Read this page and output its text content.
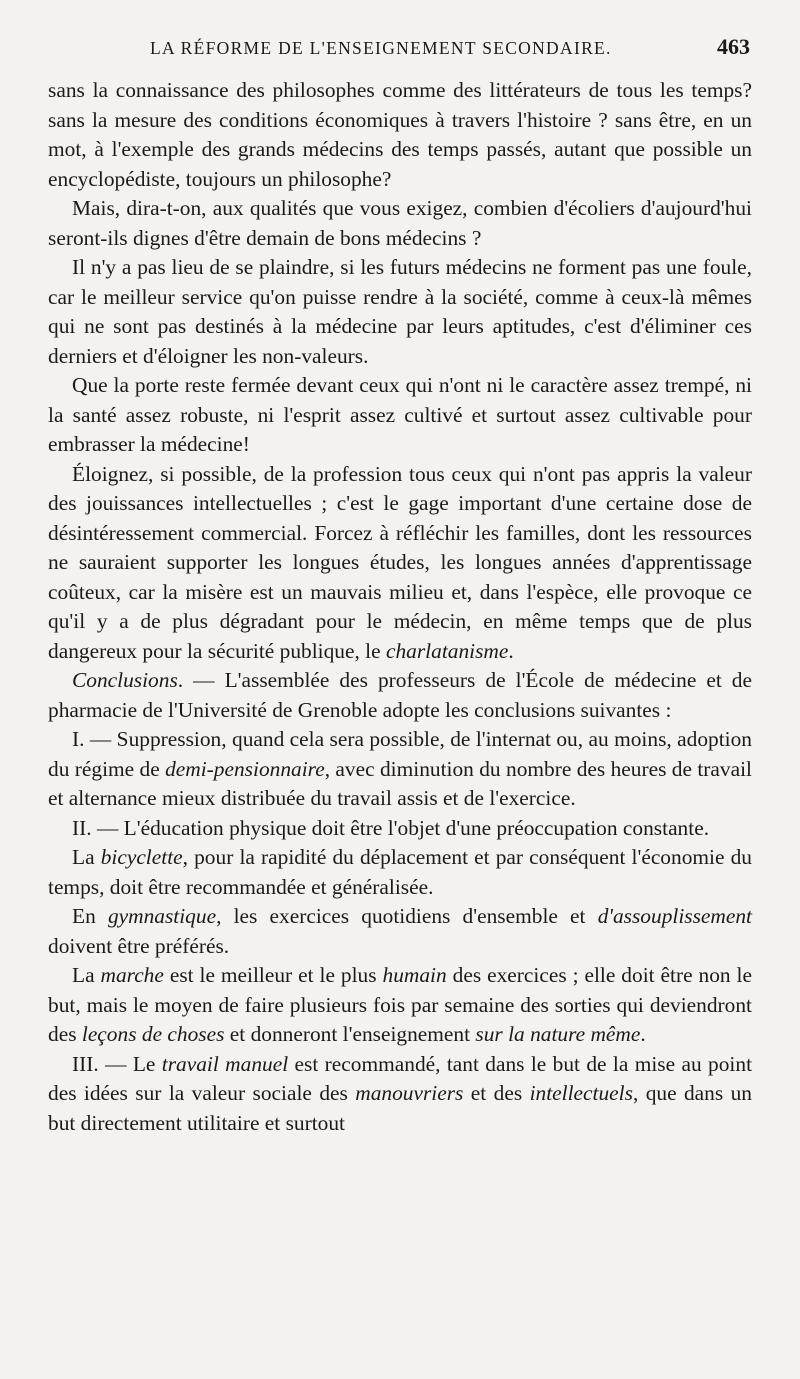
LA RÉFORME DE L'ENSEIGNEMENT SECONDAIRE.	463

sans la connaissance des philosophes comme des littérateurs de tous les temps? sans la mesure des conditions économiques à travers l'histoire ? sans être, en un mot, à l'exemple des grands médecins des temps passés, autant que possible un encyclopédiste, toujours un philosophe?

Mais, dira-t-on, aux qualités que vous exigez, combien d'écoliers d'aujourd'hui seront-ils dignes d'être demain de bons médecins ?

Il n'y a pas lieu de se plaindre, si les futurs médecins ne forment pas une foule, car le meilleur service qu'on puisse rendre à la société, comme à ceux-là mêmes qui ne sont pas destinés à la médecine par leurs aptitudes, c'est d'éliminer ces derniers et d'éloigner les non-valeurs.

Que la porte reste fermée devant ceux qui n'ont ni le caractère assez trempé, ni la santé assez robuste, ni l'esprit assez cultivé et surtout assez cultivable pour embrasser la médecine!

Éloignez, si possible, de la profession tous ceux qui n'ont pas appris la valeur des jouissances intellectuelles ; c'est le gage important d'une certaine dose de désintéressement commercial. Forcez à réfléchir les familles, dont les ressources ne sauraient supporter les longues études, les longues années d'apprentissage coûteux, car la misère est un mauvais milieu et, dans l'espèce, elle provoque ce qu'il y a de plus dégradant pour le médecin, en même temps que de plus dangereux pour la sécurité publique, le charlatanisme.

Conclusions. — L'assemblée des professeurs de l'École de médecine et de pharmacie de l'Université de Grenoble adopte les conclusions suivantes :

I. — Suppression, quand cela sera possible, de l'internat ou, au moins, adoption du régime de demi-pensionnaire, avec diminution du nombre des heures de travail et alternance mieux distribuée du travail assis et de l'exercice.

II. — L'éducation physique doit être l'objet d'une préoccupation constante.

La bicyclette, pour la rapidité du déplacement et par conséquent l'économie du temps, doit être recommandée et généralisée.

En gymnastique, les exercices quotidiens d'ensemble et d'assouplissement doivent être préférés.

La marche est le meilleur et le plus humain des exercices ; elle doit être non le but, mais le moyen de faire plusieurs fois par semaine des sorties qui deviendront des leçons de choses et donneront l'enseignement sur la nature même.

III. — Le travail manuel est recommandé, tant dans le but de la mise au point des idées sur la valeur sociale des manouvriers et des intellectuels, que dans un but directement utilitaire et surtout
